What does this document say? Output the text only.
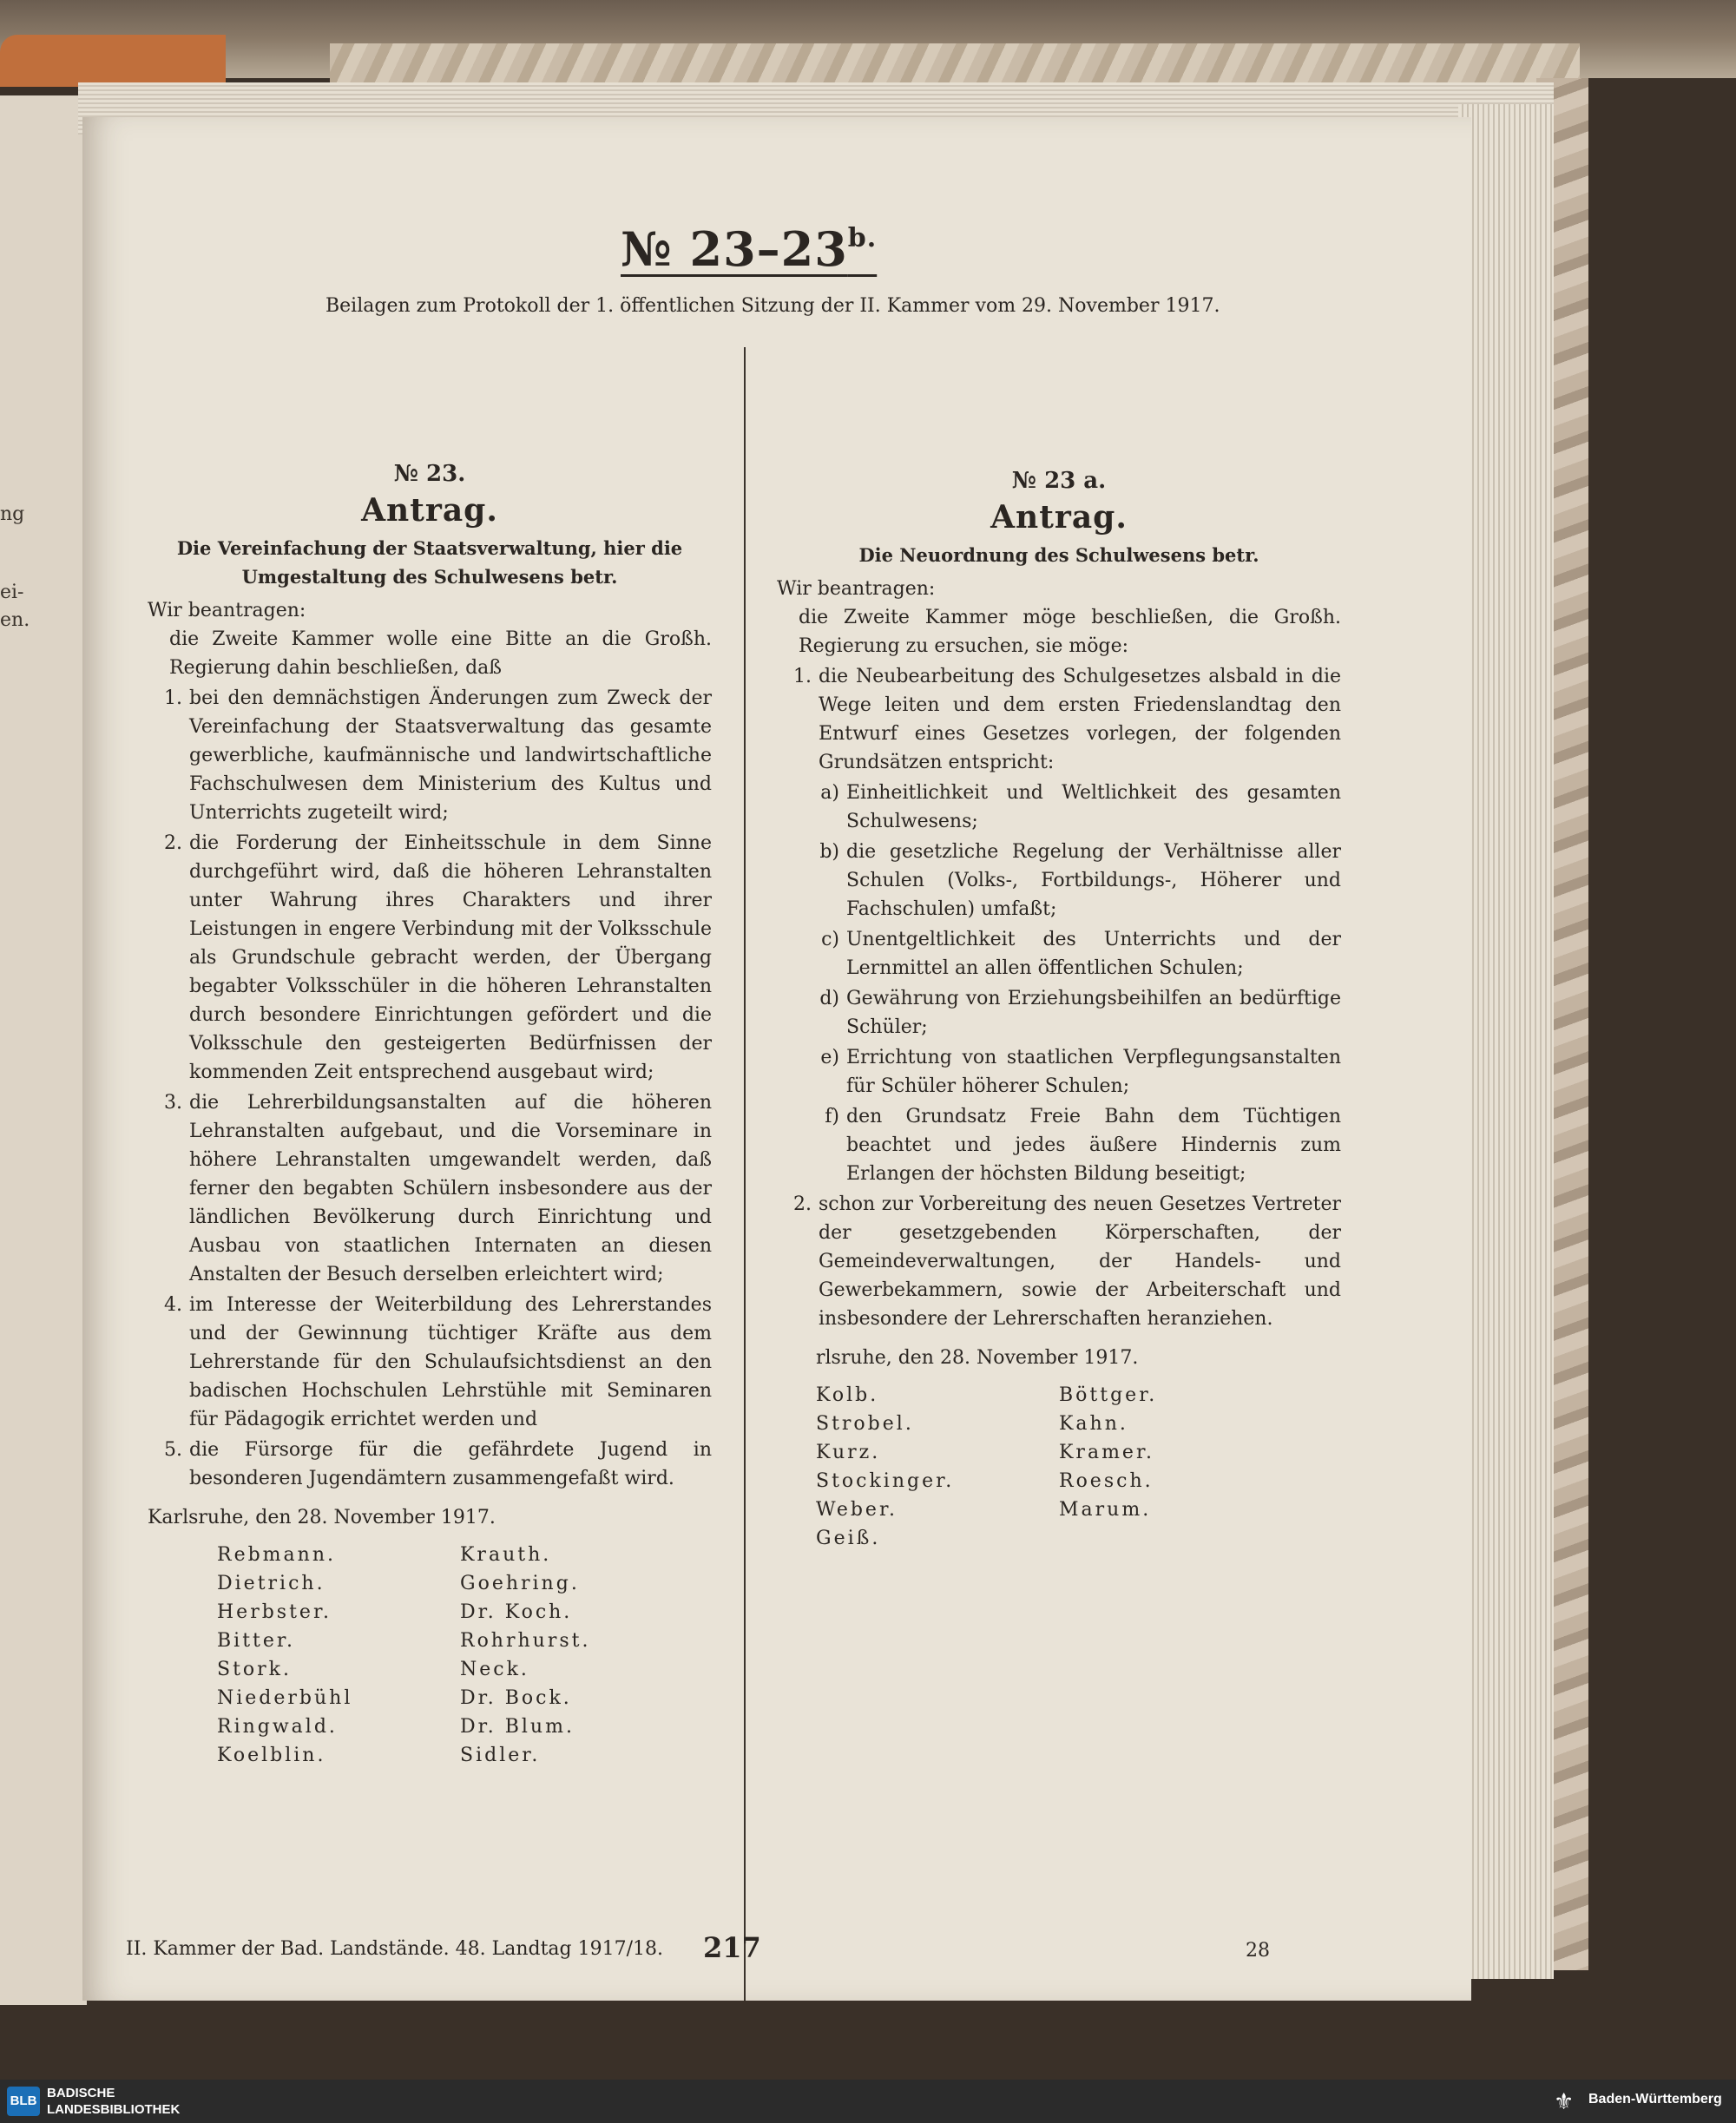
ng
ei-
en.
№ $23-23^{b.}$
Beilagen zum Protokoll der 1. öffentlichen Sitzung der II. Kammer vom 29. November 1917.
№ 23.
Antrag.
Die Vereinfachung der Staatsverwaltung, hier die Umgestaltung des Schulwesens betr.

Wir beantragen:

die Zweite Kammer wolle eine Bitte an die Großh. Regierung dahin beschließen, daß

1. bei den demnächstigen Änderungen zum Zweck der Vereinfachung der Staatsverwaltung das gesamte gewerbliche, kaufmännische und landwirtschaftliche Fachschulwesen dem Ministerium des Kultus und Unterrichts zugeteilt wird;
2. die Forderung der Einheitsschule in dem Sinne durchgeführt wird, daß die höheren Lehranstalten unter Wahrung ihres Charakters und ihrer Leistungen in engere Verbindung mit der Volksschule als Grundschule gebracht werden, der Übergang begabter Volksschüler in die höheren Lehranstalten durch besondere Einrichtungen gefördert und die Volksschule den gesteigerten Bedürfnissen der kommenden Zeit entsprechend ausgebaut wird;
3. die Lehrerbildungsanstalten auf die höheren Lehranstalten aufgebaut, und die Vorseminare in höhere Lehranstalten umgewandelt werden, daß ferner den begabten Schülern insbesondere aus der ländlichen Bevölkerung durch Einrichtung und Ausbau von staatlichen Internaten an diesen Anstalten der Besuch derselben erleichtert wird;
4. im Interesse der Weiterbildung des Lehrerstandes und der Gewinnung tüchtiger Kräfte aus dem Lehrerstande für den Schulaufsichtsdienst an den badischen Hochschulen Lehrstühle mit Seminaren für Pädagogik errichtet werden und
5. die Fürsorge für die gefährdete Jugend in besonderen Jugendämtern zusammengefaßt wird.

Karlsruhe, den 28. November 1917.

Rebmann.	Krauth.
Dietrich.	Goehring.
Herbster.	Dr. Koch.
Bitter.	Rohrhurst.
Stork.	Neck.
Niederbühl	Dr. Bock.
Ringwald.	Dr. Blum.
Koelblin.	Sidler.
№ 23 a.
Antrag.
Die Neuordnung des Schulwesens betr.

Wir beantragen:

die Zweite Kammer möge beschließen, die Großh. Regierung zu ersuchen, sie möge:

1. die Neubearbeitung des Schulgesetzes alsbald in die Wege leiten und dem ersten Friedenslandtag den Entwurf eines Gesetzes vorlegen, der folgenden Grundsätzen entspricht:
a) Einheitlichkeit und Weltlichkeit des gesamten Schulwesens;
b) die gesetzliche Regelung der Verhältnisse aller Schulen (Volks-, Fortbildungs-, Höherer und Fachschulen) umfaßt;
c) Unentgeltlichkeit des Unterrichts und der Lernmittel an allen öffentlichen Schulen;
d) Gewährung von Erziehungsbeihilfen an bedürftige Schüler;
e) Errichtung von staatlichen Verpflegungsanstalten für Schüler höherer Schulen;
f) den Grundsatz Freie Bahn dem Tüchtigen beachtet und jedes äußere Hindernis zum Erlangen der höchsten Bildung beseitigt;
2. schon zur Vorbereitung des neuen Gesetzes Vertreter der gesetzgebenden Körperschaften, der Gemeindeverwaltungen, der Handels- und Gewerbekammern, sowie der Arbeiterschaft und insbesondere der Lehrerschaften heranziehen.

rlsruhe, den 28. November 1917.

Kolb.	Böttger.
Strobel.	Kahn.
Kurz.	Kramer.
Stockinger.	Roesch.
Weber.	Marum.
Geiß.
II. Kammer der Bad. Landstände. 48. Landtag 1917/18. 217	28
BLB
BADISCHE
LANDESBIBLIOTHEK	⚜	Baden-Württemberg
